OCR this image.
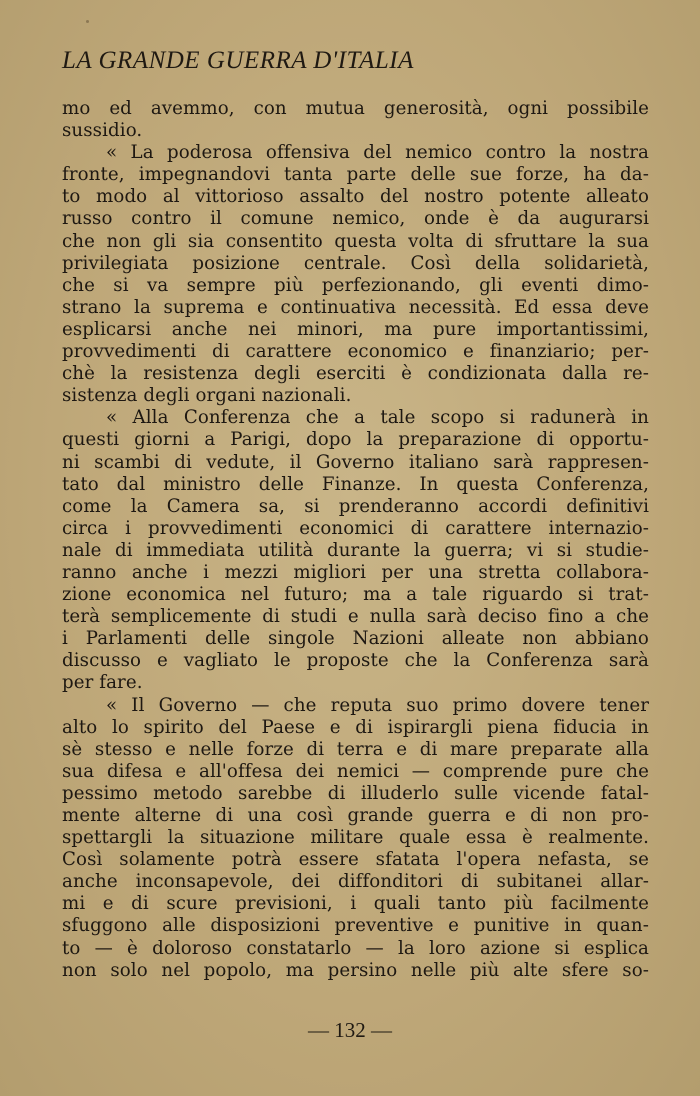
LA GRANDE GUERRA D'ITALIA
mo ed avemmo, con mutua generosità, ogni possibile
sussidio.
« La poderosa offensiva del nemico contro la nostra
fronte, impegnandovi tanta parte delle sue forze, ha da-
to modo al vittorioso assalto del nostro potente alleato
russo contro il comune nemico, onde è da augurarsi
che non gli sia consentito questa volta di sfruttare la sua
privilegiata posizione centrale. Così della solidarietà,
che si va sempre più perfezionando, gli eventi dimo-
strano la suprema e continuativa necessità. Ed essa deve
esplicarsi anche nei minori, ma pure importantissimi,
provvedimenti di carattere economico e finanziario; per-
chè la resistenza degli eserciti è condizionata dalla re-
sistenza degli organi nazionali.
« Alla Conferenza che a tale scopo si radunerà in
questi giorni a Parigi, dopo la preparazione di opportu-
ni scambi di vedute, il Governo italiano sarà rappresen-
tato dal ministro delle Finanze. In questa Conferenza,
come la Camera sa, si prenderanno accordi definitivi
circa i provvedimenti economici di carattere internazio-
nale di immediata utilità durante la guerra; vi si studie-
ranno anche i mezzi migliori per una stretta collabora-
zione economica nel futuro; ma a tale riguardo si trat-
terà semplicemente di studi e nulla sarà deciso fino a che
i Parlamenti delle singole Nazioni alleate non abbiano
discusso e vagliato le proposte che la Conferenza sarà
per fare.
« Il Governo — che reputa suo primo dovere tener
alto lo spirito del Paese e di ispirargli piena fiducia in
sè stesso e nelle forze di terra e di mare preparate alla
sua difesa e all'offesa dei nemici — comprende pure che
pessimo metodo sarebbe di illuderlo sulle vicende fatal-
mente alterne di una così grande guerra e di non pro-
spettargli la situazione militare quale essa è realmente.
Così solamente potrà essere sfatata l'opera nefasta, se
anche inconsapevole, dei diffonditori di subitanei allar-
mi e di scure previsioni, i quali tanto più facilmente
sfuggono alle disposizioni preventive e punitive in quan-
to — è doloroso constatarlo — la loro azione si esplica
non solo nel popolo, ma persino nelle più alte sfere so-
— 132 —
